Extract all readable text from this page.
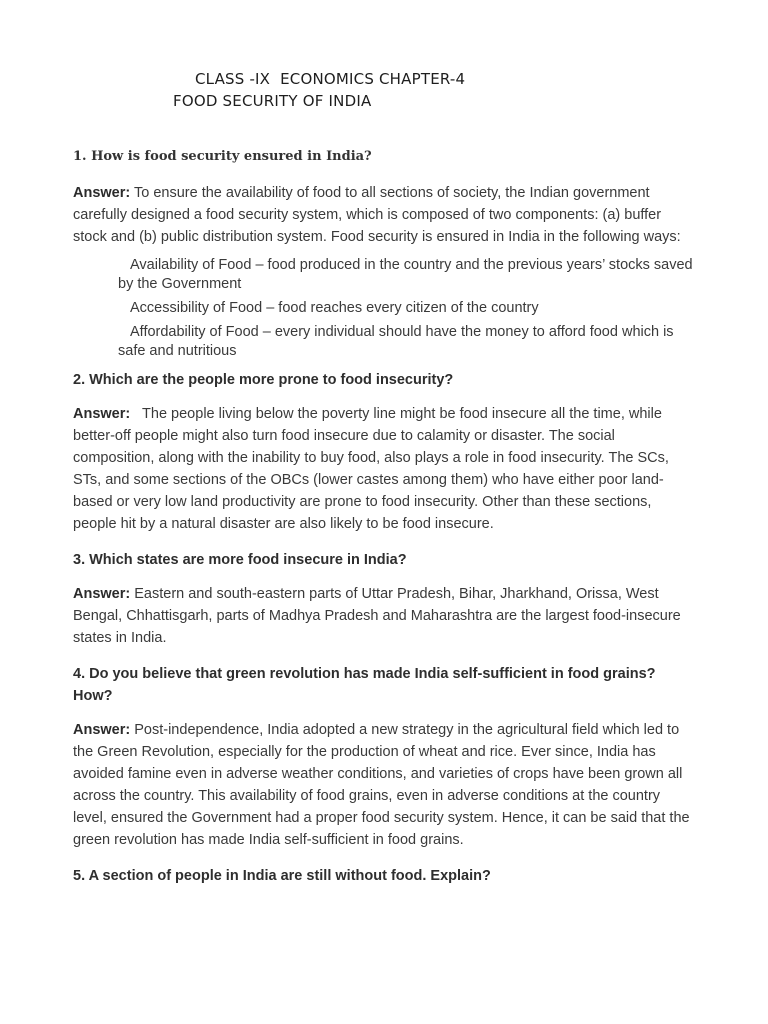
CLASS -IX  ECONOMICS CHAPTER-4
FOOD SECURITY OF INDIA
1. How is food security ensured in India?

Answer: To ensure the availability of food to all sections of society, the Indian government carefully designed a food security system, which is composed of two components: (a) buffer stock and (b) public distribution system. Food security is ensured in India in the following ways:

Availability of Food – food produced in the country and the previous years’ stocks saved by the Government
Accessibility of Food – food reaches every citizen of the country
Affordability of Food – every individual should have the money to afford food which is safe and nutritious
2. Which are the people more prone to food insecurity?

Answer:   The people living below the poverty line might be food insecure all the time, while better-off people might also turn food insecure due to calamity or disaster. The social composition, along with the inability to buy food, also plays a role in food insecurity. The SCs, STs, and some sections of the OBCs (lower castes among them) who have either poor land-based or very low land productivity are prone to food insecurity. Other than these sections, people hit by a natural disaster are also likely to be food insecure.

3. Which states are more food insecure in India?

Answer: Eastern and south-eastern parts of Uttar Pradesh, Bihar, Jharkhand, Orissa, West Bengal, Chhattisgarh, parts of Madhya Pradesh and Maharashtra are the largest food-insecure states in India.

4. Do you believe that green revolution has made India self-sufficient in food grains? How?

Answer: Post-independence, India adopted a new strategy in the agricultural field which led to the Green Revolution, especially for the production of wheat and rice. Ever since, India has avoided famine even in adverse weather conditions, and varieties of crops have been grown all across the country. This availability of food grains, even in adverse conditions at the country level, ensured the Government had a proper food security system. Hence, it can be said that the green revolution has made India self-sufficient in food grains.

5. A section of people in India are still without food. Explain?
